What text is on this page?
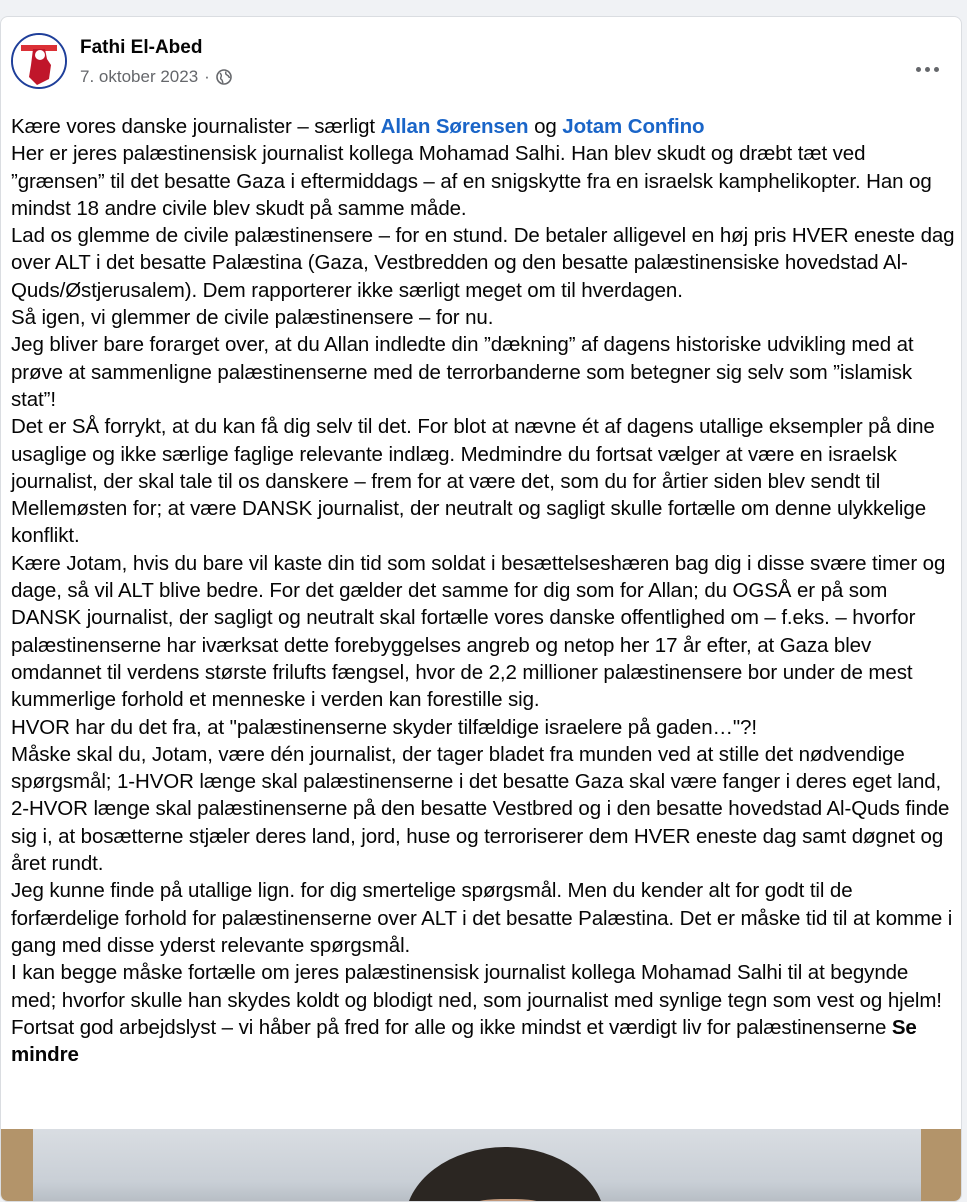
Fathi El-Abed
7. oktober 2023 ·

Kære vores danske journalister – særligt Allan Sørensen og Jotam Confino

Her er jeres palæstinensisk journalist kollega Mohamad Salhi. Han blev skudt og dræbt tæt ved ”grænsen” til det besatte Gaza i eftermiddags – af en snigskytte fra en israelsk kamphelikopter. Han og mindst 18 andre civile blev skudt på samme måde.

Lad os glemme de civile palæstinensere – for en stund. De betaler alligevel en høj pris HVER eneste dag over ALT i det besatte Palæstina (Gaza, Vestbredden og den besatte palæstinensiske hovedstad Al-Quds/Østjerusalem). Dem rapporterer ikke særligt meget om til hverdagen.

Så igen, vi glemmer de civile palæstinensere – for nu.

Jeg bliver bare forarget over, at du Allan indledte din ”dækning” af dagens historiske udvikling med at prøve at sammenligne palæstinenserne med de terrorbanderne som betegner sig selv som ”islamisk stat”!

Det er SÅ forrykt, at du kan få dig selv til det. For blot at nævne ét af dagens utallige eksempler på dine usaglige og ikke særlige faglige relevante indlæg. Medmindre du fortsat vælger at være en israelsk journalist, der skal tale til os danskere – frem for at være det, som du for årtier siden blev sendt til Mellemøsten for; at være DANSK journalist, der neutralt og sagligt skulle fortælle om denne ulykkelige konflikt.

Kære Jotam, hvis du bare vil kaste din tid som soldat i besættelseshæren bag dig i disse svære timer og dage, så vil ALT blive bedre. For det gælder det samme for dig som for Allan; du OGSÅ er på som DANSK journalist, der sagligt og neutralt skal fortælle vores danske offentlighed om – f.eks. – hvorfor palæstinenserne har iværksat dette forebyggelses angreb og netop her 17 år efter, at Gaza blev omdannet til verdens største frilufts fængsel, hvor de 2,2 millioner palæstinensere bor under de mest kummerlige forhold et menneske i verden kan forestille sig.

HVOR har du det fra, at "palæstinenserne skyder tilfældige israelere på gaden…"?!

Måske skal du, Jotam, være dén journalist, der tager bladet fra munden ved at stille det nødvendige spørgsmål; 1-HVOR længe skal palæstinenserne i det besatte Gaza skal være fanger i deres eget land, 2-HVOR længe skal palæstinenserne på den besatte Vestbred og i den besatte hovedstad Al-Quds finde sig i, at bosætterne stjæler deres land, jord, huse og terroriserer dem HVER eneste dag samt døgnet og året rundt.

Jeg kunne finde på utallige lign. for dig smertelige spørgsmål. Men du kender alt for godt til de forfærdelige forhold for palæstinenserne over ALT i det besatte Palæstina. Det er måske tid til at komme i gang med disse yderst relevante spørgsmål.

I kan begge måske fortælle om jeres palæstinensisk journalist kollega Mohamad Salhi til at begynde med; hvorfor skulle han skydes koldt og blodigt ned, som journalist med synlige tegn som vest og hjelm!

Fortsat god arbejdslyst – vi håber på fred for alle og ikke mindst et værdigt liv for palæstinenserne Se mindre
